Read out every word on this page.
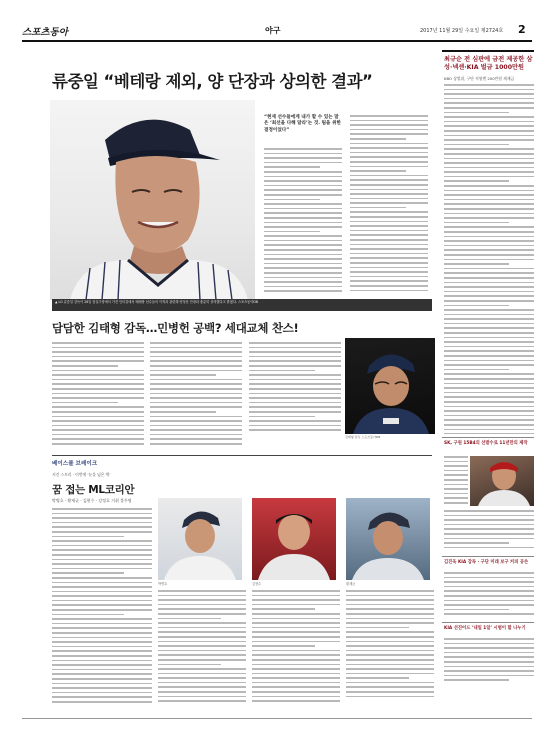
스포츠동아	야구	2017년 11월 29일 수요일 제2724호 2
류중일 “베테랑 제외, 양 단장과 상의한 결과”
▲ LG 류중일 감독이 28일 잠실구장에서 가진 인터뷰에서 베테랑 선수들의 이적과 관련해 양상문 단장과 충분히 상의했다고 밝혔다. 스포츠동아DB
“현재 선수들에게 내가 할 수 있는 말은 ‘최선을 다해 달라’는 것. 팀을 위한 결정이었다”
최규순 전 심판에 금전 제공한 삼성·넥센·KIA 벌금 1000만원
KBO 상벌위, 구단 직원엔 200만원 제재금
SK, 구원 15B4의 선발수로 11년만의 제작
김진욱 KIA 감독 · 구단 미래 보구 커피 공손
KIA 선진어드 ‘내일 1일’ 시범이 할 나누기
담담한 김태형 감독…민병헌 공백? 세대교체 찬스!
김태형 감독 스포츠동아DB
베이스볼 브레이크
서건 스토리 · 이번에 ‘눈물 넘은 벽’
꿈 접는 ML코리안
박병호 · 황재균 · 김현수 · 강정호 거취 불투명
박병호	김현수	황재균
